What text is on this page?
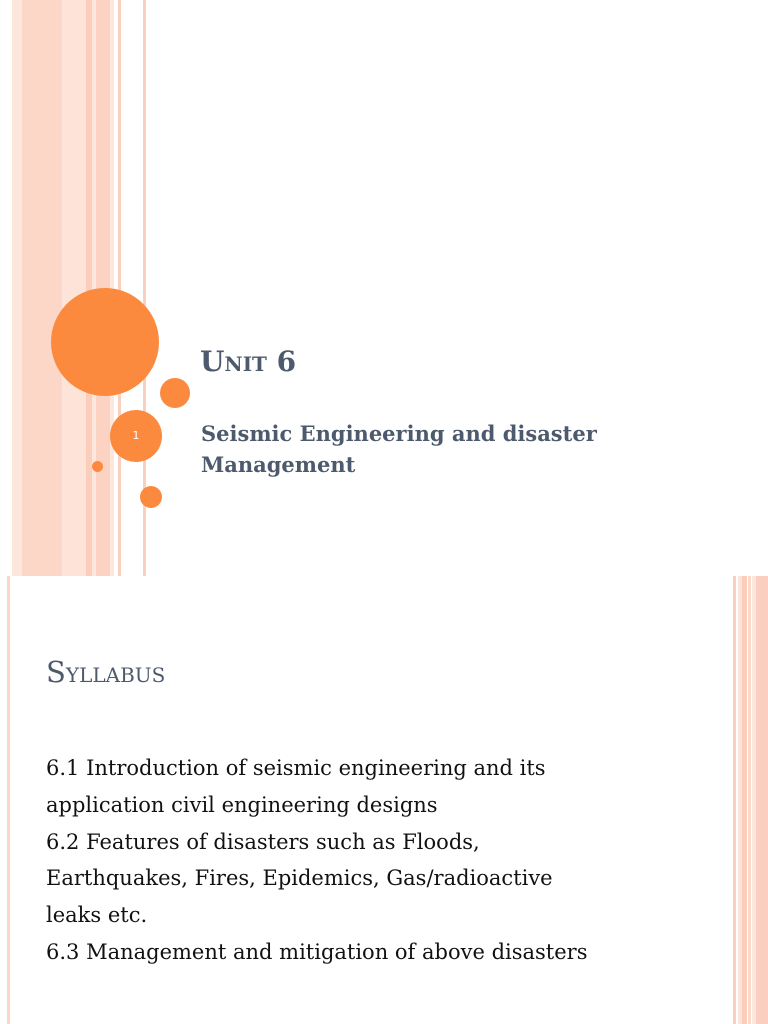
1
Unit 6

Seismic Engineering and disaster Management

Syllabus
6.1 Introduction of seismic engineering and its
application civil engineering designs
6.2 Features of disasters such as Floods,
Earthquakes, Fires, Epidemics, Gas/radioactive
leaks etc.
6.3 Management and mitigation of above disasters
